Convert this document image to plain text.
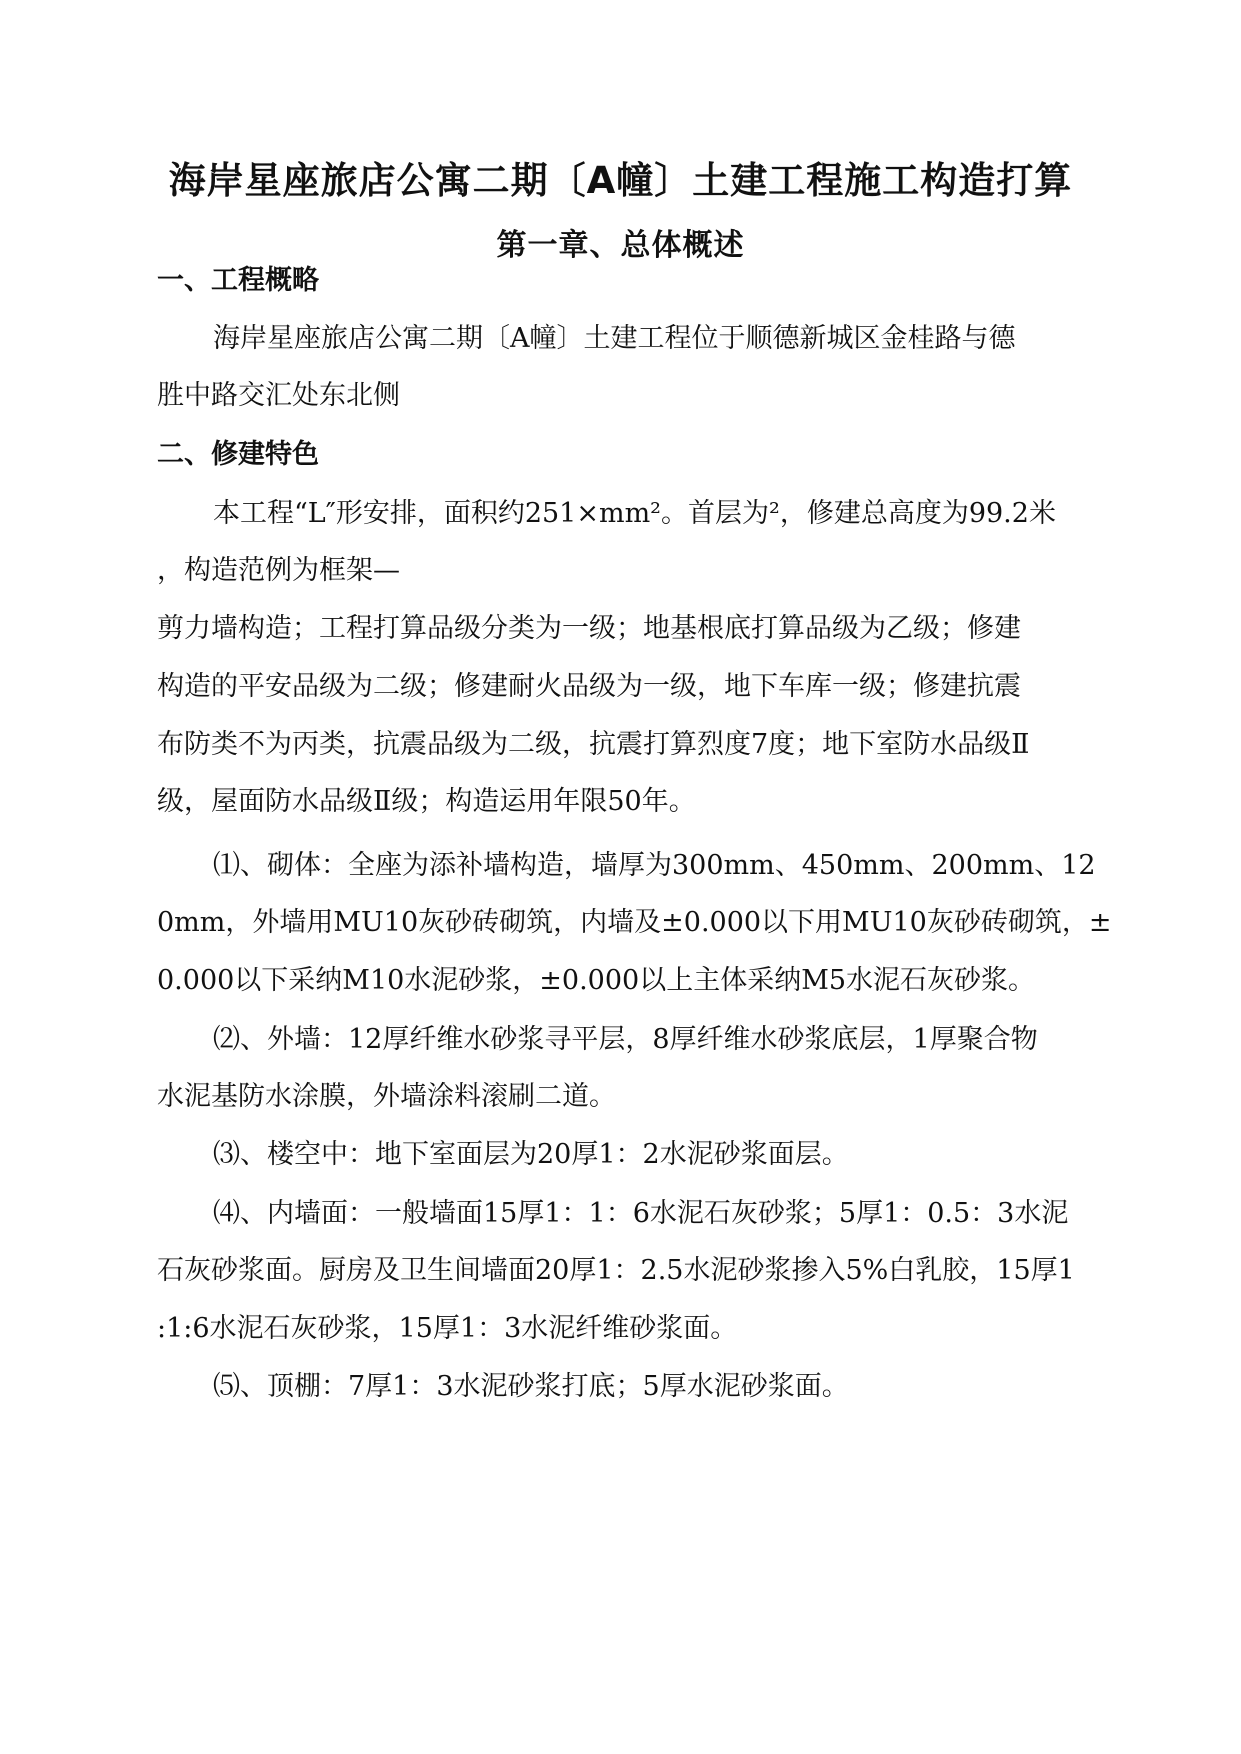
海岸星座旅店公寓二期〔A幢〕土建工程施工构造打算
第一章、总体概述
一、工程概略
海岸星座旅店公寓二期〔A幢〕土建工程位于顺德新城区金桂路与德
胜中路交汇处东北侧
二、修建特色
本工程“L″形安排，面积约251×mm²。首层为²，修建总高度为99.2米
，构造范例为框架—
剪力墙构造；工程打算品级分类为一级；地基根底打算品级为乙级；修建
构造的平安品级为二级；修建耐火品级为一级，地下车库一级；修建抗震
布防类不为丙类，抗震品级为二级，抗震打算烈度7度；地下室防水品级Ⅱ
级，屋面防水品级Ⅱ级；构造运用年限50年。
⑴、砌体：全座为添补墙构造，墙厚为300mm、450mm、200mm、12
0mm，外墙用MU10灰砂砖砌筑，内墙及±0.000以下用MU10灰砂砖砌筑，±
0.000以下采纳M10水泥砂浆，±0.000以上主体采纳M5水泥石灰砂浆。
⑵、外墙：12厚纤维水砂浆寻平层，8厚纤维水砂浆底层，1厚聚合物
水泥基防水涂膜，外墙涂料滚刷二道。
⑶、楼空中：地下室面层为20厚1：2水泥砂浆面层。
⑷、内墙面：一般墙面15厚1：1：6水泥石灰砂浆；5厚1：0.5：3水泥
石灰砂浆面。厨房及卫生间墙面20厚1：2.5水泥砂浆掺入5%白乳胶，15厚1
:1:6水泥石灰砂浆，15厚1：3水泥纤维砂浆面。
⑸、顶棚：7厚1：3水泥砂浆打底；5厚水泥砂浆面。
